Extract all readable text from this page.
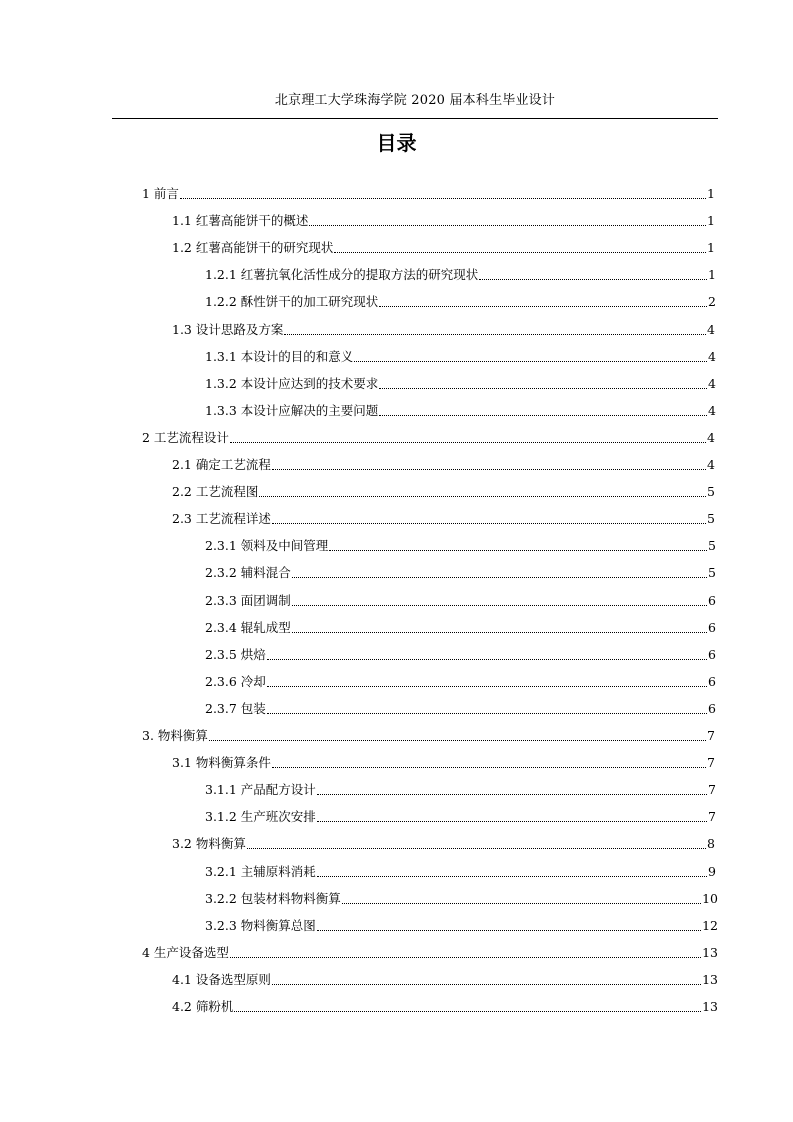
北京理工大学珠海学院 2020 届本科生毕业设计
目录
1 前言	1
1.1 红薯高能饼干的概述	1
1.2 红薯高能饼干的研究现状	1
1.2.1 红薯抗氧化活性成分的提取方法的研究现状	1
1.2.2 酥性饼干的加工研究现状	2
1.3 设计思路及方案	4
1.3.1 本设计的目的和意义	4
1.3.2 本设计应达到的技术要求	4
1.3.3 本设计应解决的主要问题	4
2 工艺流程设计	4
2.1 确定工艺流程	4
2.2 工艺流程图	5
2.3 工艺流程详述	5
2.3.1 领料及中间管理	5
2.3.2 辅料混合	5
2.3.3 面团调制	6
2.3.4 辊轧成型	6
2.3.5 烘焙	6
2.3.6 冷却	6
2.3.7 包装	6
3. 物料衡算	7
3.1 物料衡算条件	7
3.1.1 产品配方设计	7
3.1.2 生产班次安排	7
3.2 物料衡算	8
3.2.1 主辅原料消耗	9
3.2.2 包装材料物料衡算	10
3.2.3 物料衡算总图	12
4 生产设备选型	13
4.1 设备选型原则	13
4.2 筛粉机	13
